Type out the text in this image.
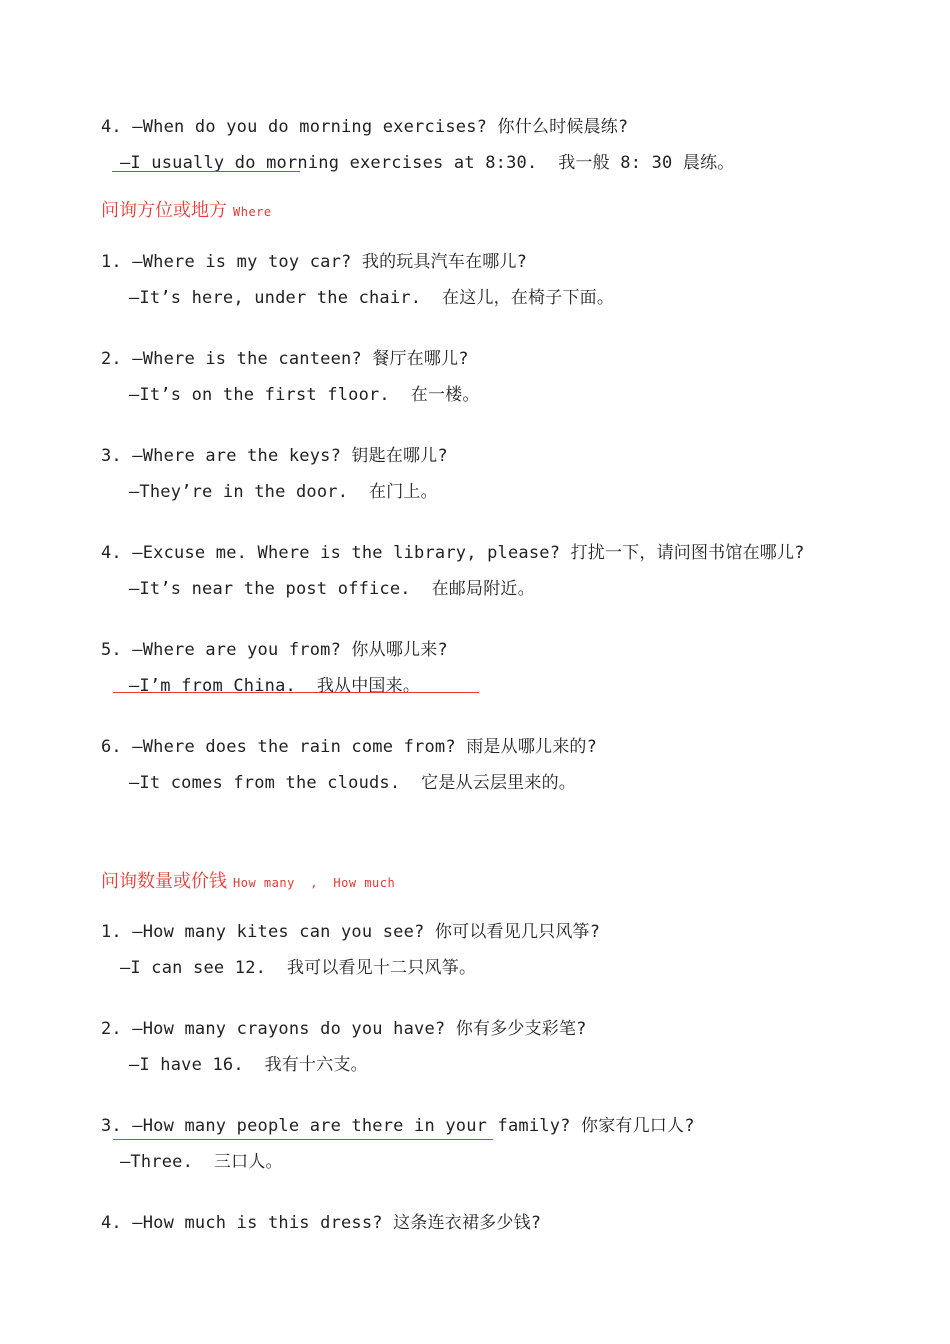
4. —When do you do morning exercises? 你什么时候晨练?
—I usually do morning exercises at 8:30.  我一般 8: 30 晨练。
问询方位或地方 Where
1. —Where is my toy car? 我的玩具汽车在哪儿?
—It’s here, under the chair.  在这儿，在椅子下面。
2. —Where is the canteen? 餐厅在哪儿?
—It’s on the first floor.  在一楼。
3. —Where are the keys? 钥匙在哪儿?
—They’re in the door.  在门上。
4. —Excuse me. Where is the library, please? 打扰一下，请问图书馆在哪儿?
—It’s near the post office.  在邮局附近。
5. —Where are you from? 你从哪儿来?
—I’m from China.  我从中国来。
6. —Where does the rain come from? 雨是从哪儿来的?
—It comes from the clouds.  它是从云层里来的。
问询数量或价钱 How many  ,  How much
1. —How many kites can you see? 你可以看见几只风筝?
—I can see 12.  我可以看见十二只风筝。
2. —How many crayons do you have? 你有多少支彩笔?
—I have 16.  我有十六支。
3. —How many people are there in your family? 你家有几口人?
—Three.  三口人。
4. —How much is this dress? 这条连衣裙多少钱?
